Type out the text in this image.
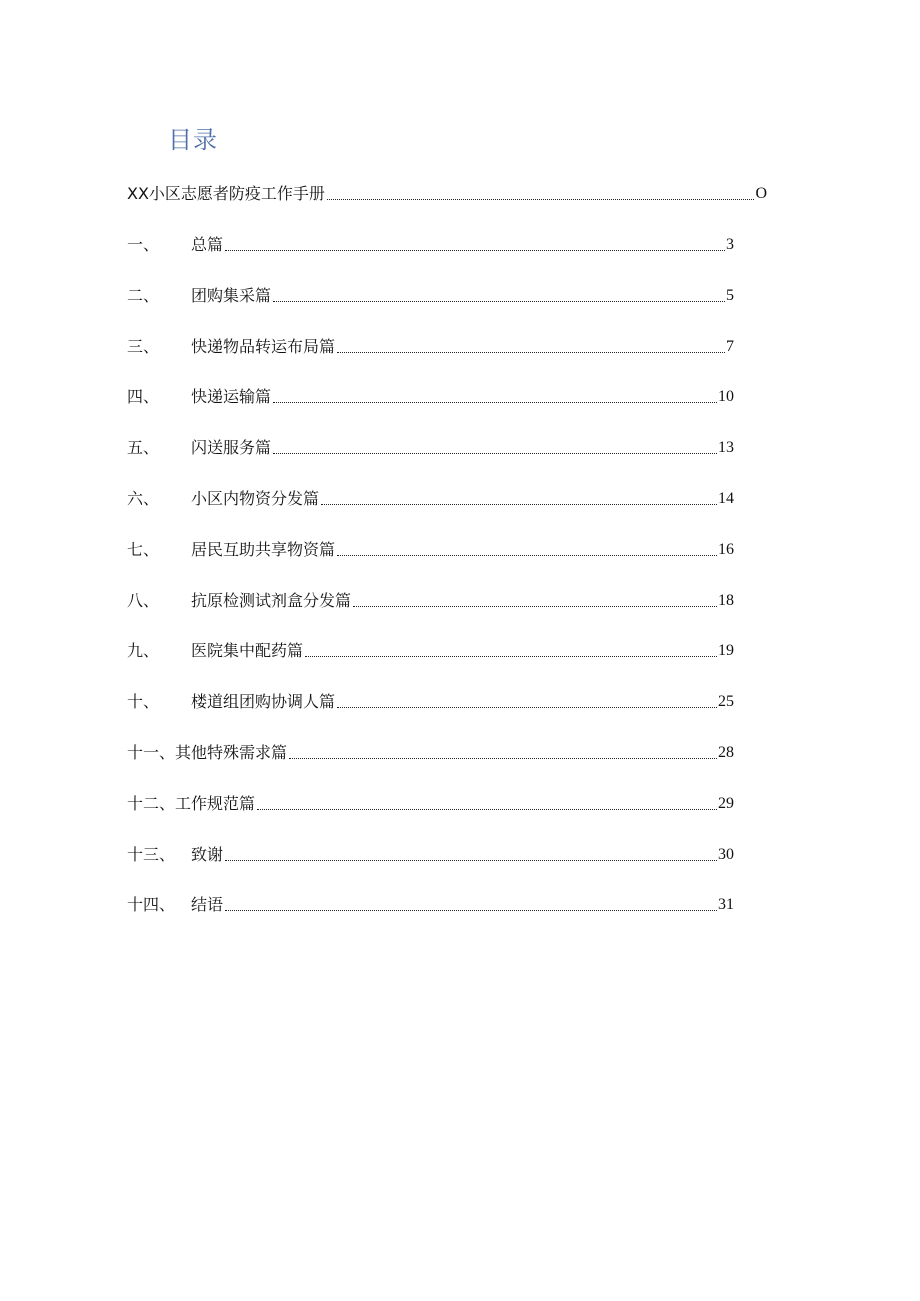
目录
XX小区志愿者防疫工作手册	O
一、	总篇	3
二、	团购集采篇	5
三、	快递物品转运布局篇	7
四、	快递运输篇	10
五、	闪送服务篇	13
六、	小区内物资分发篇	14
七、	居民互助共享物资篇	16
八、	抗原检测试剂盒分发篇	18
九、	医院集中配药篇	19
十、	楼道组团购协调人篇	25
十一、 其他特殊需求篇	28
十二、 工作规范篇	29
十三、 致谢	30
十四、 结语	31
